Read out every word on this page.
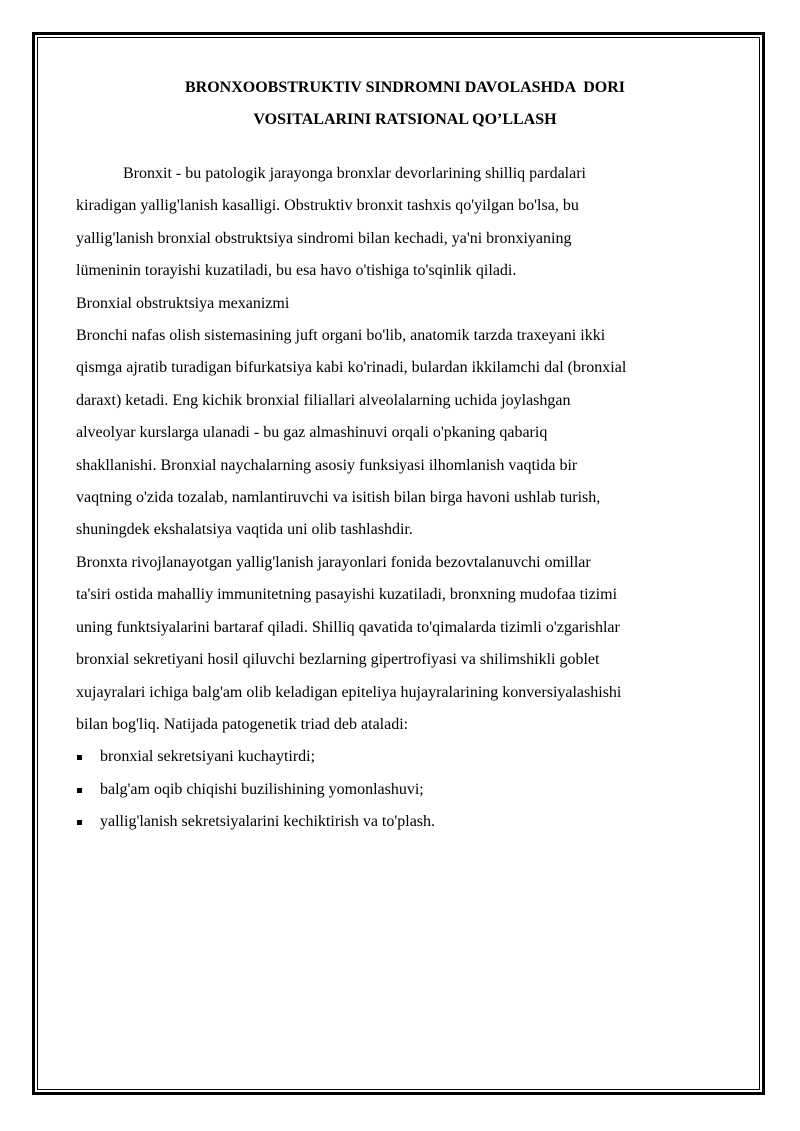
BRONXOOBSTRUKTIV SINDROMNI DAVOLASHDA  DORI
VOSITALARINI RATSIONAL QO’LLASH

Bronxit - bu patologik jarayonga bronxlar devorlarining shilliq pardalari
kiradigan yallig'lanish kasalligi. Obstruktiv bronxit tashxis qo'yilgan bo'lsa, bu
yallig'lanish bronxial obstruktsiya sindromi bilan kechadi, ya'ni bronxiyaning
lümeninin torayishi kuzatiladi, bu esa havo o'tishiga to'sqinlik qiladi.

Bronxial obstruktsiya mexanizmi

Bronchi nafas olish sistemasining juft organi bo'lib, anatomik tarzda traxeyani ikki
qismga ajratib turadigan bifurkatsiya kabi ko'rinadi, bulardan ikkilamchi dal (bronxial
daraxt) ketadi. Eng kichik bronxial filiallari alveolalarning uchida joylashgan
alveolyar kurslarga ulanadi - bu gaz almashinuvi orqali o'pkaning qabariq
shakllanishi. Bronxial naychalarning asosiy funksiyasi ilhomlanish vaqtida bir
vaqtning o'zida tozalab, namlantiruvchi va isitish bilan birga havoni ushlab turish,
shuningdek ekshalatsiya vaqtida uni olib tashlashdir.

Bronxta rivojlanayotgan yallig'lanish jarayonlari fonida bezovtalanuvchi omillar
ta'siri ostida mahalliy immunitetning pasayishi kuzatiladi, bronxning mudofaa tizimi
uning funktsiyalarini bartaraf qiladi. Shilliq qavatida to'qimalarda tizimli o'zgarishlar
bronxial sekretiyani hosil qiluvchi bezlarning gipertrofiyasi va shilimshikli goblet
xujayralari ichiga balg'am olib keladigan epiteliya hujayralarining konversiyalashishi
bilan bog'liq. Natijada patogenetik triad deb ataladi:

bronxial sekretsiyani kuchaytirdi;
balg'am oqib chiqishi buzilishining yomonlashuvi;
yallig'lanish sekretsiyalarini kechiktirish va to'plash.
